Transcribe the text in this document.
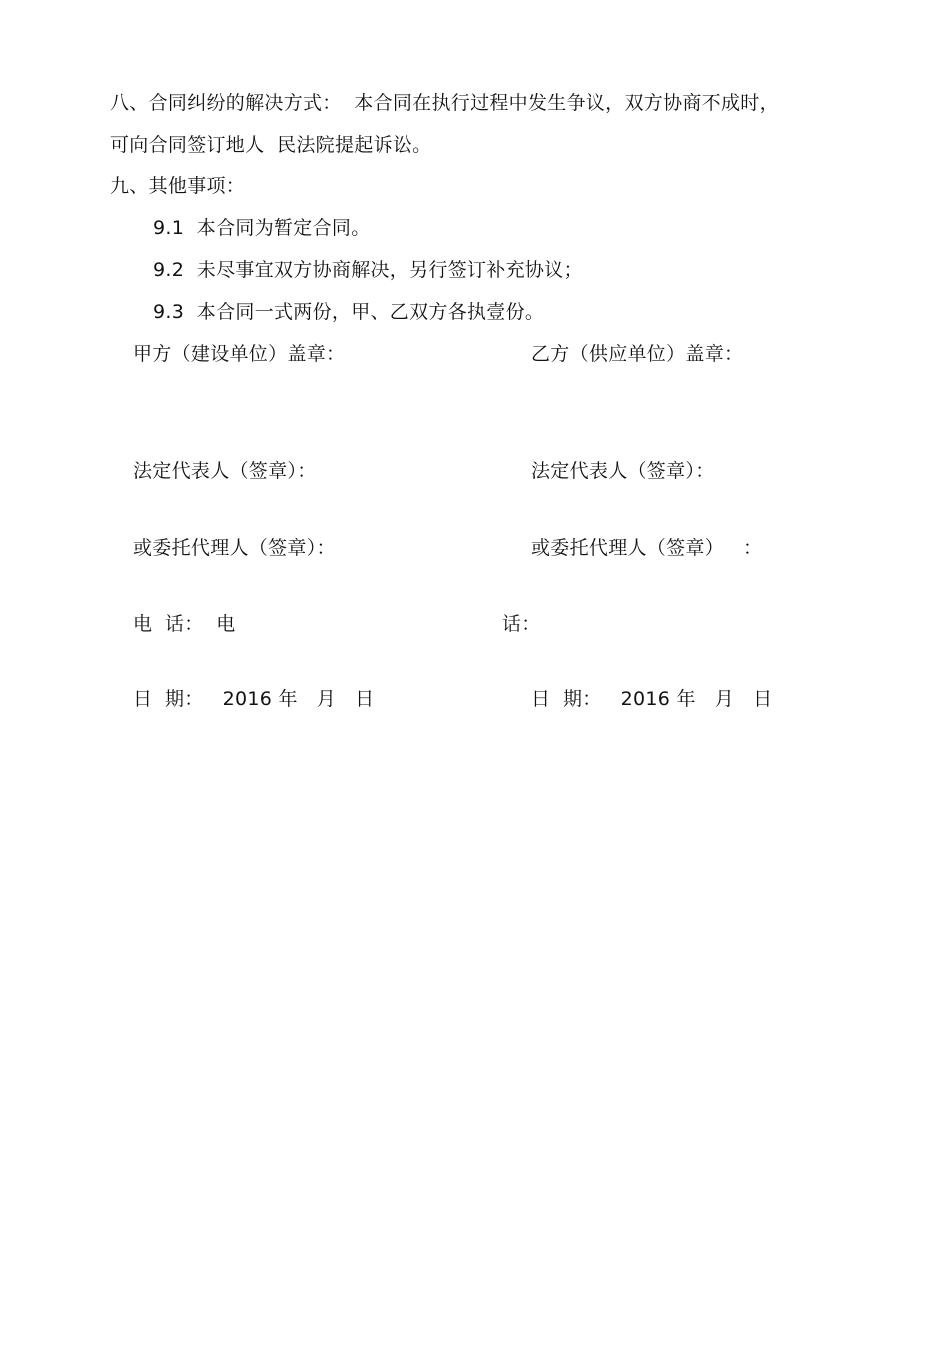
八、合同纠纷的解决方式：  本合同在执行过程中发生争议，双方协商不成时，
可向合同签订地人  民法院提起诉讼。
九、其他事项：
9.1  本合同为暂定合同。
9.2  未尽事宜双方协商解决，另行签订补充协议；
9.3  本合同一式两份，甲、乙双方各执壹份。
甲方（建设单位）盖章：	乙方（供应单位）盖章：
法定代表人（签章）：	法定代表人（签章）：
或委托代理人（签章）：	或委托代理人（签章）   ：
电  话：  电	话：
日  期：   2016 年   月   日	日  期：   2016 年   月   日
